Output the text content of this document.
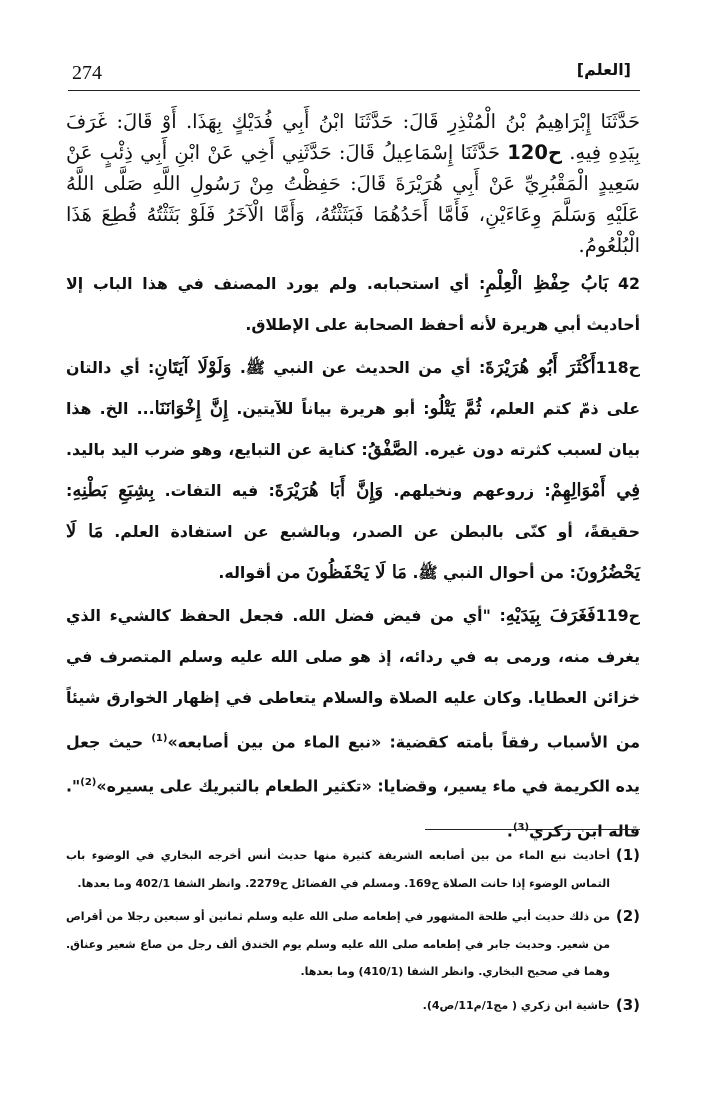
274	[العلم]
حَدَّثَنَا إِبْرَاهِيمُ بْنُ الْمُنْذِرِ قَالَ: حَدَّثَنَا ابْنُ أَبِي فُدَيْكٍ بِهَذَا. أَوْ قَالَ: غَرَفَ بِيَدِهِ فِيهِ. ح120 حَدَّثَنَا إِسْمَاعِيلُ قَالَ: حَدَّثَنِي أَخِي عَنْ ابْنِ أَبِي ذِئْبٍ عَنْ سَعِيدٍ الْمَقْبُرِيِّ عَنْ أَبِي هُرَيْرَةَ قَالَ: حَفِظْتُ مِنْ رَسُولِ اللَّهِ صَلَّى اللَّهُ عَلَيْهِ وَسَلَّمَ وِعَاءَيْنِ، فَأَمَّا أَحَدُهُمَا فَبَثَثْتُهُ، وَأَمَّا الْآخَرُ فَلَوْ بَثَثْتُهُ قُطِعَ هَذَا الْبُلْعُومُ.

42 بَابُ حِفْظِ الْعِلْمِ: أي استحبابه. ولم يورد المصنف في هذا الباب إلا أحاديث أبي هريرة لأنه أحفظ الصحابة على الإطلاق.

ح118أَكْثَرَ أَبُو هُرَيْرَةَ: أي من الحديث عن النبي ﷺ. وَلَوْلَا آيَتَانِ: أي دالتان على ذمّ كتم العلم، ثُمَّ يَتْلُو: أبو هريرة بياناً للآيتين. إِنَّ إِخْوَانَنَا... الخ. هذا بيان لسبب كثرته دون غيره. الصَّفْقُ: كناية عن التبايع، وهو ضرب اليد باليد. فِي أَمْوَالِهِمْ: زروعهم ونخيلهم. وَإِنَّ أَبَا هُرَيْرَةَ: فيه التفات. بِشِبَعِ بَطْنِهِ: حقيقةً، أو كنّى بالبطن عن الصدر، وبالشبع عن استفادة العلم. مَا لَا يَحْضُرُونَ: من أحوال النبي ﷺ. مَا لَا يَحْفَظُونَ من أقواله.

ح119فَغَرَفَ بِيَدَيْهِ: "أي من فيض فضل الله. فجعل الحفظ كالشيء الذي يغرف منه، ورمى به في ردائه، إذ هو صلى الله عليه وسلم المتصرف في خزائن العطايا. وكان عليه الصلاة والسلام يتعاطى في إظهار الخوارق شيئاً من الأسباب رفقاً بأمته كقضية: «نبع الماء من بين أصابعه»$^{(1)}$ حيث جعل يده الكريمة في ماء يسير، وقضايا: «تكثير الطعام بالتبريك على يسيره»$^{(2)}$". قاله ابن زكري$^{(3)}$.

(1)
أحاديث نبع الماء من بين أصابعه الشريفة كثيرة منها حديث أنس أخرجه البخاري في الوضوء باب التماس الوضوء إذا حانت الصلاة ح169. ومسلم في الفضائل ح2279. وانظر الشفا 402/1 وما بعدها.
(2)
من ذلك حديث أبي طلحة المشهور في إطعامه صلى الله عليه وسلم ثمانين أو سبعين رجلا من أقراص من شعير. وحديث جابر في إطعامه صلى الله عليه وسلم يوم الخندق ألف رجل من صاع شعير وعناق. وهما في صحيح البخاري. وانظر الشفا (410/1) وما بعدها.
(3)
حاشية ابن زكري ( مج1/م11/ص4).
